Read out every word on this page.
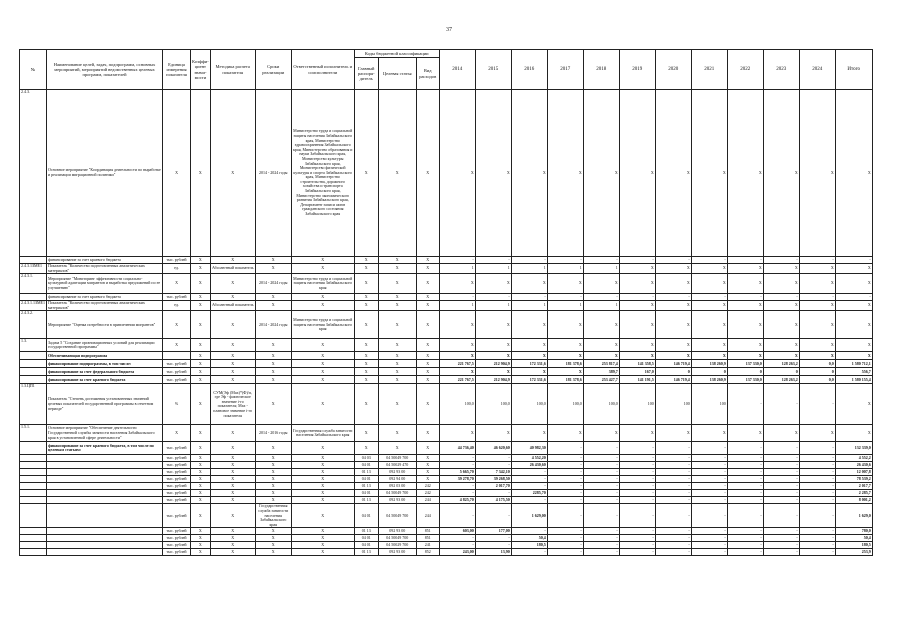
37
№	Наименование целей, задач, подпрограмм, основных мероприятий, мероприятий ведомственных целевых программ, показателей	Единица измерения показателя	Коэффи-циент значи-мости	Методика расчета показателя	Сроки реализации	Ответственный исполнитель и соисполнители	Коды бюджетной классификации			2014	2015	2016	2017	2018	2019	2020	2021	2022	2023	2024	Итого
							Главный распоря-дитель	Целевая статья	Вид расходов												
2.4.3.	Основное мероприятие "Координация деятельности по выработке и реализации миграционной политики"	X	X	X	2014 - 2024 годы	Министерство труда и социальной защиты населения Забайкальского края, Министерство здравоохранения Забайкальского края, Министерство образования и науки Забайкальского края, Министерство культуры Забайкальского края, Министерство физической культуры и спорта Забайкальского края, Министерство строительства, дорожного хозяйства и транспорта Забайкальского края, Министерство экономического развития Забайкальского края, Департамент записи актов гражданского состояния Забайкальского края	X	X	X	X	X	X	X	X	X	X	X	X	X	X	X
	финансирование за счет краевого бюджета	тыс. рублей	X	X	X	X	X	X	X	-	-	-	-	-	-	-	-	-	-	-	-
2.4.3.1ЗМЕ1	Показатель "Количество подготовленных аналитических материалов"	ед.	X	Абсолютный показатель	X	X	X	X	X	1	1	1	1	1	X	X	X	X	X	X	X
2.4.3.1.	Мероприятие "Мониторинг эффективности социально-культурной адаптации мигрантов и выработка предложений по ее улучшению"	X	X	X	2014 - 2024 годы	Министерство труда и социальной защиты населения Забайкальского края	X	X	X	X	X	X	X	X	X	X	X	X	X	X	X
	финансирование за счет краевого бюджета	тыс. рублей	X	X	X	X	X	X	X	-	-	-	-	-	-	-	-	-	-	-	-
2.4.3.1.1ЗМЕ1	Показатель "Количество подготовленных аналитических материалов"	ед.	X	Абсолютный показатель	X	X	X	X	X	1	1	1	1	1	X	X	X	X	X	X	X
2.4.3.2.	Мероприятие "Оценка потребности в привлечении мигрантов"	X	X	X	2014 - 2024 годы	Министерство труда и социальной защиты населения Забайкальского края	X	X	X	X	X	X	X	X	X	X	X	X	X	X	X
1.3.	Задача 5 "Создание организационных условий для реализации государственной программы"	X	X	X	X	X	X	X	X	X	X	X	X	X	X	X	X	X	X	X	X
	Обеспечивающая подпрограмма		X	X	X	X	X	X	X	X	X	X	X	X	X	X	X	X	X	X	X
	финансирование подпрограммы, в том числе:	тыс. рублей	X	X	X	X	X	X	X	221 767,5	212 904,9	172 331,6	181 378,6	253 817,4	141 358,5	146 719,4	138 260,9	137 330,0	128 263,2	0,0	1 580 712,1
	финансирование за счет федерального бюджета	тыс. рублей	X	X	X	X	X	X	X	X	X	X	X	389,7	167,0	0	0	0	0	0	556,7
	финансирование за счет краевого бюджета	тыс. рублей	X	X	X	X	X	X	X	221 767,5	212 904,9	172 331,6	181 378,6	253 427,7	141 191,5	146 719,4	138 260,9	137 330,0	128 263,2	0,0	1 580 155,4
1.3.ЦП1	Показатель "Степень достижения установленных значений целевых показателей государственной программы в отчетном периоде"	%	X	СУМ(Эф (Мах)*(Ф)/п, где Эф - фактическое значение i-го показателя; Мах - плановое значение i-го показателя	X	X	X	X	X	100,0	100,0	100,0	100,0	100,0	100	100	100	-	-	-	X
1.5.1.	Основное мероприятие "Обеспечение деятельности Государственной службы занятости населения Забайкальского края в установленной сфере деятельности"	X	X	X	2014 - 2016 годы	Государственная служба занятости населения Забайкальского края	X	X	X	X	X	X	X	X	X	X	X	X	X	X	X
	финансирование за счет краевого бюджета, в том числе по целевым статьям:	тыс. рублей	X	X	X	X	X	X	X	44 736,40	46 620,60	40 982,30	-	-	-	-	-	-	-	-	132 339,0
		тыс. рублей	X	X	X	X	04 03	04 50049 700	X	-	-	4 552,20	-	-	-	-	-	-	-	-	4 552,2
		тыс. рублей	X	X	X	X	04 01	04 50029 470	X	-	-	26 430,60	-	-	-	-	-	-	-	-	26 430,6
		тыс. рублей	X	X	X	X	01 13	092 93 00	X	5 665,70	7 342,10	-	-	-	-	-	-	-	-	-	12 007,8
		тыс. рублей	X	X	X	X	04 01	092 94 00	X	39 278,70	39 268,50	-	-	-	-	-	-	-	-	-	78 539,2
		тыс. рублей	X	X	X	X	01 13	092 03 00	242	-	2 017,70	-	-	-	-	-	-	-	-	-	2 017,7
		тыс. рублей	X	X	X	X	04 01	04 50049 700	242	-	-	2285,70	-	-	-	-	-	-	-	-	2 285,7
		тыс. рублей	X	X	X	X	01 13	092 93 00	244	4 825,70	4 175,50	-	-	-	-	-	-	-	-	-	8 001,2
		тыс. рублей	X	X	Государственная служба занятости населения Забайкальского края	X	04 01	04 50049 700	244	-	-	1 629,00	-	-	-	-	-	-	-	-	1 629,0
		тыс. рублей	X	X	X	X	01 13	092 93 00	851	603,00	177,00	-	-	-	-	-	-	-	-	-	780,0
		тыс. рублей	X	X	X	X	04 01	04 50049 700	851	-	-	50,4	-	-	-	-	-	-	-	-	50,4
		тыс. рублей	X	X	X	X	04 01	04 50029 700	241	-	-	180,5	-	-	-	-	-	-	-	-	180,5
		тыс. рублей	X	X	X	X	01 13	092 93 00	852	243,00	13,90	-	-	-	-	-	-	-	-	-	253,9
